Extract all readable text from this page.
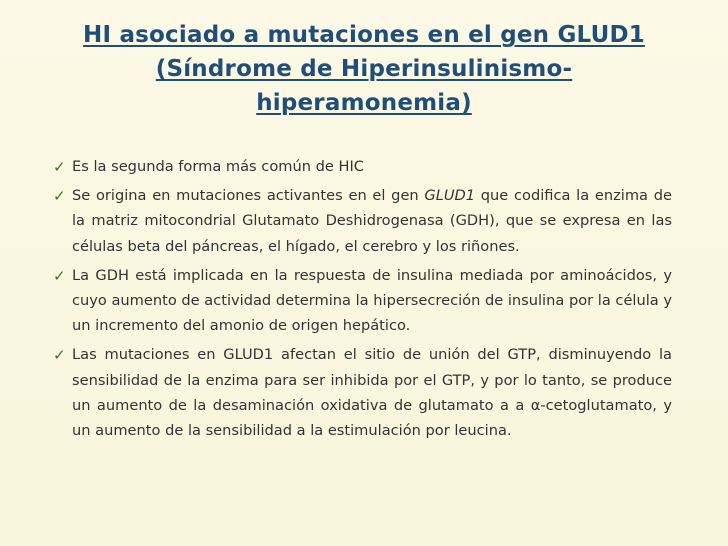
HI asociado a mutaciones en el gen GLUD1
(Síndrome de Hiperinsulinismo-
hiperamonemia)
✓ Es la segunda forma más común de HIC
✓ Se origina en mutaciones activantes en el gen GLUD1 que codifica la enzima de la matriz mitocondrial Glutamato Deshidrogenasa (GDH), que se expresa en las células beta del páncreas, el hígado, el cerebro y los riñones.
✓ La GDH está implicada en la respuesta de insulina mediada por aminoácidos, y cuyo aumento de actividad determina la hipersecreción de insulina por la célula y un incremento del amonio de origen hepático.
✓ Las mutaciones en GLUD1 afectan el sitio de unión del GTP, disminuyendo la sensibilidad de la enzima para ser inhibida por el GTP, y por lo tanto, se produce un aumento de la desaminación oxidativa de glutamato a a α-cetoglutamato, y un aumento de la sensibilidad a la estimulación por leucina.
